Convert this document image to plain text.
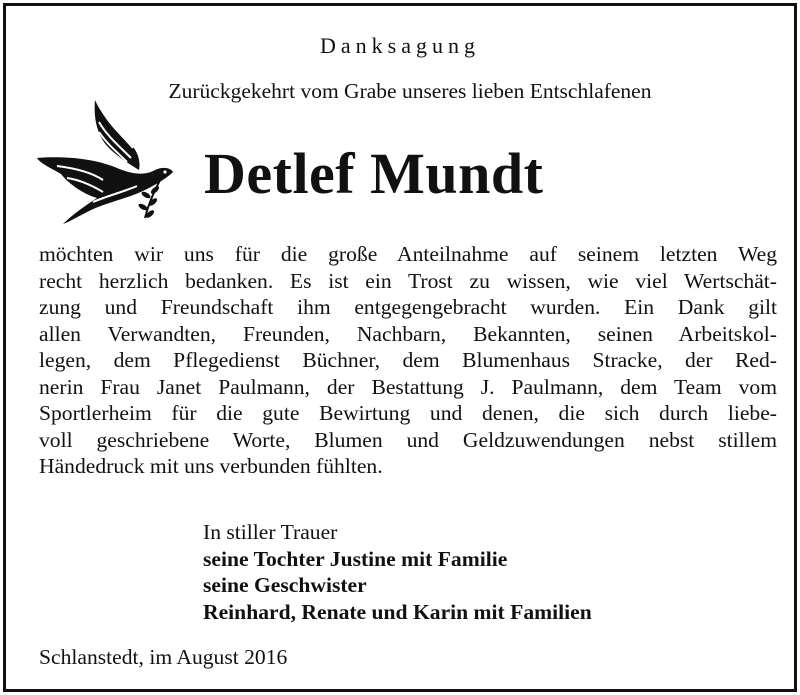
Danksagung
Zurückgekehrt vom Grabe unseres lieben Entschlafenen
Detlef Mundt
möchten wir uns für die große Anteilnahme auf seinem letzten Weg
recht herzlich bedanken. Es ist ein Trost zu wissen, wie viel Wertschät-
zung und Freundschaft ihm entgegengebracht wurden. Ein Dank gilt
allen Verwandten, Freunden, Nachbarn, Bekannten, seinen Arbeitskol-
legen, dem Pflegedienst Büchner, dem Blumenhaus Stracke, der Red-
nerin Frau Janet Paulmann, der Bestattung J. Paulmann, dem Team vom
Sportlerheim für die gute Bewirtung und denen, die sich durch liebe-
voll geschriebene Worte, Blumen und Geldzuwendungen nebst stillem
Händedruck mit uns verbunden fühlten.
In stiller Trauer
seine Tochter Justine mit Familie
seine Geschwister
Reinhard, Renate und Karin mit Familien
Schlanstedt, im August 2016
